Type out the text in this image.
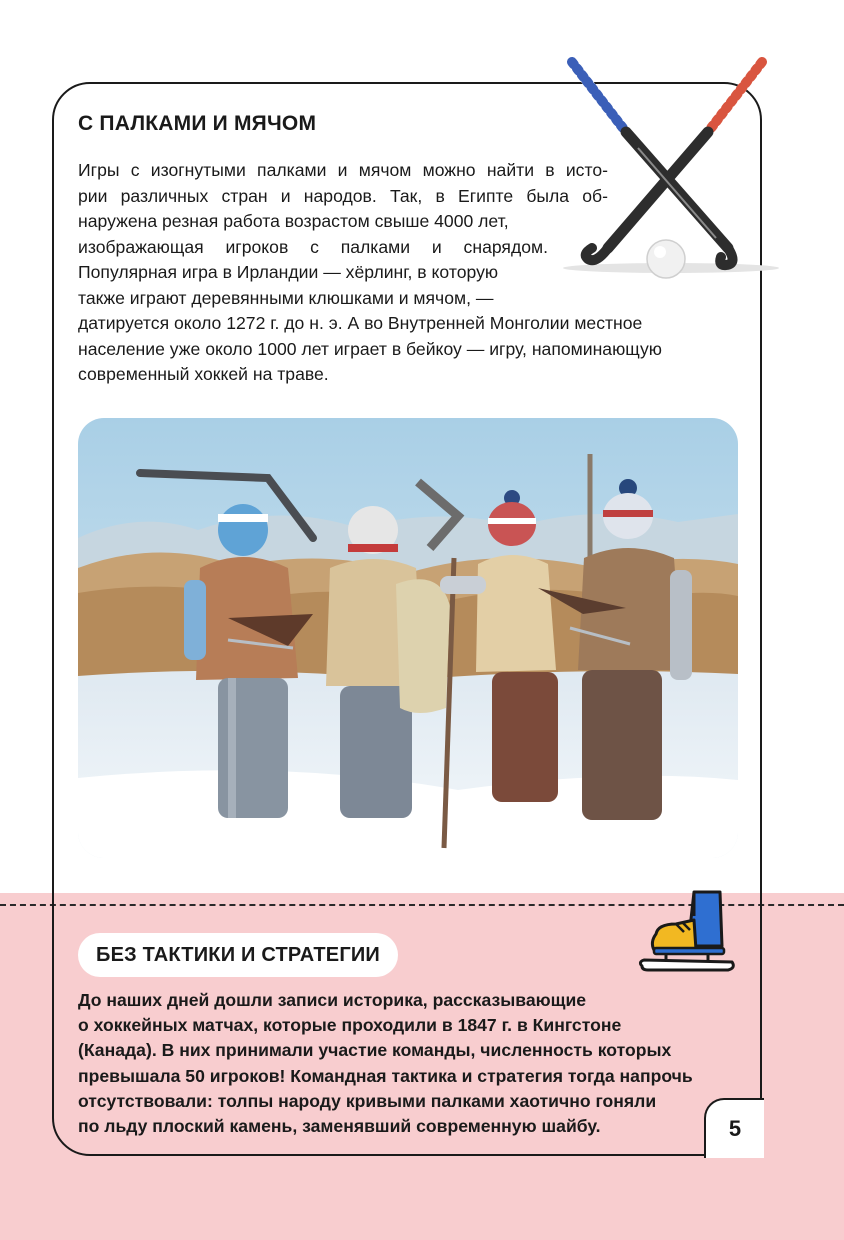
С ПАЛКАМИ И МЯЧОМ
Игры с изогнутыми палками и мячом можно найти в исто-
рии различных стран и народов. Так, в Египте была об-
наружена резная работа возрастом свыше 4000 лет,
изображающая игроков с палками и снарядом.
Популярная игра в Ирландии — хёрлинг, в которую
также играют деревянными клюшками и мячом, —
датируется около 1272 г. до н. э. А во Внутренней Монголии местное
население уже около 1000 лет играет в бейкоу — игру, напоминающую
современный хоккей на траве.
БЕЗ ТАКТИКИ И СТРАТЕГИИ
До наших дней дошли записи историка, рассказывающие
о хоккейных матчах, которые проходили в 1847 г. в Кингстоне
(Канада). В них принимали участие команды, численность которых
превышала 50 игроков! Командная тактика и стратегия тогда напрочь
отсутствовали: толпы народу кривыми палками хаотично гоняли
по льду плоский камень, заменявший современную шайбу.	5
